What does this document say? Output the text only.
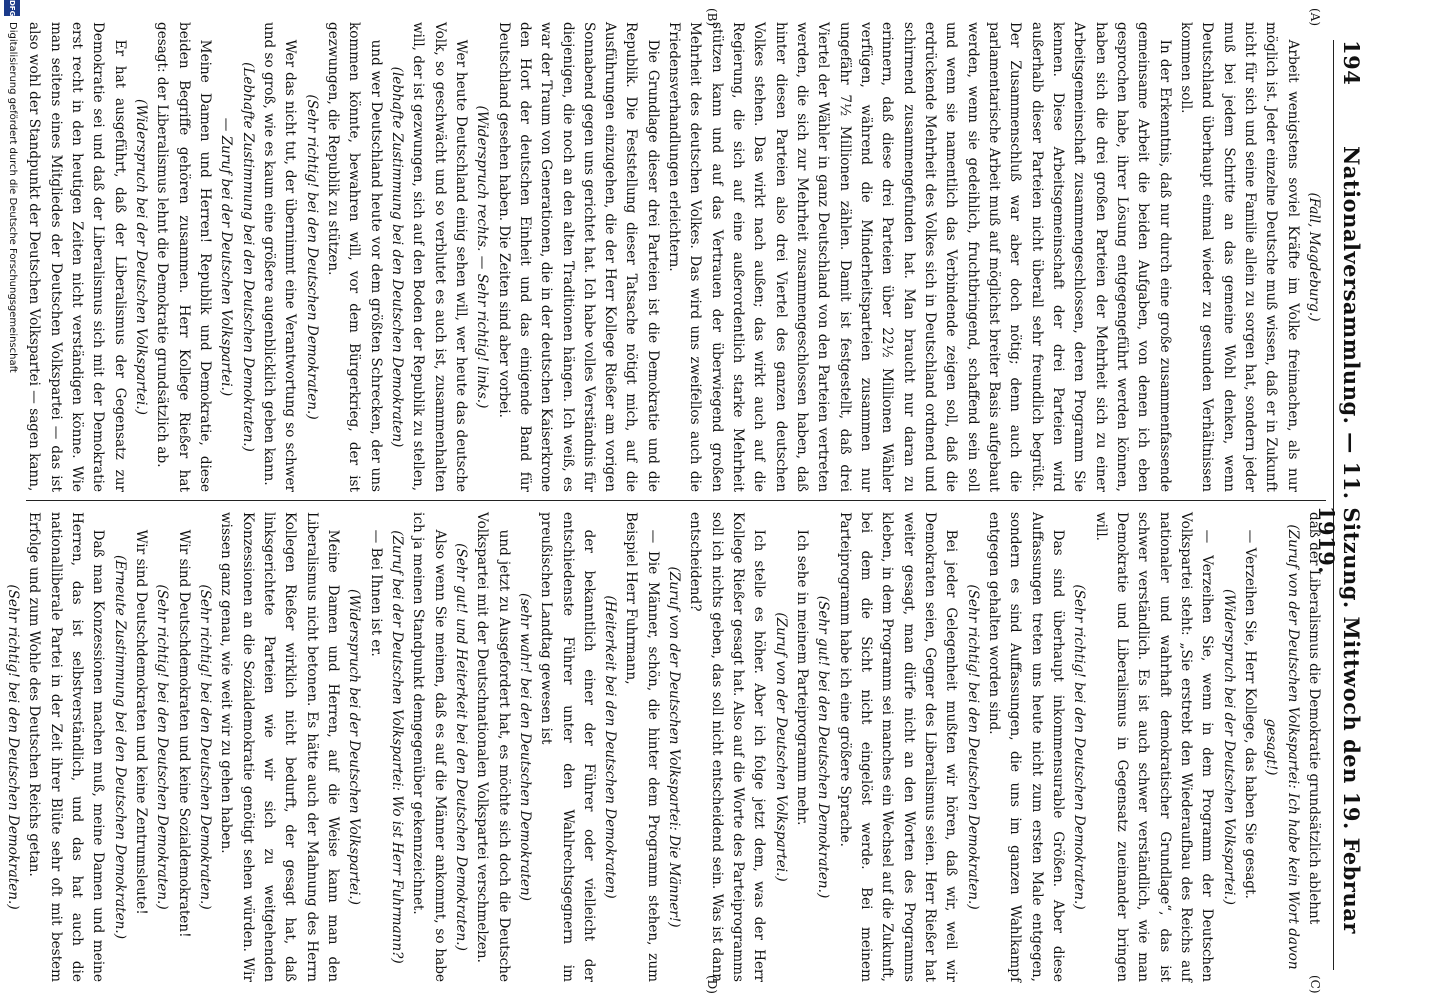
194
Nationalversammlung. — 11. Sitzung. Mittwoch den 19. Februar 1919.
(A)
(B)
(C)
(D)

(Fall, Magdeburg.)

Arbeit wenigstens soviel Kräfte im Volke freimachen, als nur möglich ist. Jeder einzelne Deutsche muß wissen, daß er in Zukunft nicht für sich und seine Familie allein zu sorgen hat, sondern jeder muß bei jedem Schritte an das gemeine Wohl denken, wenn Deutschland überhaupt einmal wieder zu gesunden Verhältnissen kommen soll.

In der Erkenntnis, daß nur durch eine große zusammenfassende gemeinsame Arbeit die beiden Aufgaben, von denen ich eben gesprochen habe, ihrer Lösung entgegengeführt werden können, haben sich die drei großen Parteien der Mehrheit sich zu einer Arbeitsgemeinschaft zusammengeschlossen, deren Programm Sie kennen. Diese Arbeitsgemeinschaft der drei Parteien wird außerhalb dieser Parteien nicht überall sehr freundlich begrüßt. Der Zusammenschluß war aber doch nötig; denn auch die parlamentarische Arbeit muß auf möglichst breiter Basis aufgebaut werden, wenn sie gedeihlich, fruchtbringend, schaffend sein soll und wenn sie namentlich das Verbindende zeigen soll, daß die erdrückende Mehrheit des Volkes sich in Deutschland ordnend und schirmend zusammengefunden hat. Man braucht nur daran zu erinnern, daß diese drei Parteien über 22½ Millionen Wähler verfügen, während die Minderheitsparteien zusammen nur ungefähr 7½ Millionen zählen. Damit ist festgestellt, daß drei Viertel der Wähler in ganz Deutschland von den Parteien vertreten werden, die sich zur Mehrheit zusammengeschlossen haben, daß hinter diesen Parteien also drei Viertel des ganzen deutschen Volkes stehen. Das wirkt nach außen; das wirkt auch auf die Regierung, die sich auf eine außerordentlich starke Mehrheit stützen kann und auf das Vertrauen der überwiegend großen Mehrheit des deutschen Volkes. Das wird uns zweifellos auch die Friedensverhandlungen erleichtern.

Die Grundlage dieser drei Parteien ist die Demokratie und die Republik. Die Feststellung dieser Tatsache nötigt mich, auf die Ausführungen einzugehen, die der Herr Kollege Rießer am vorigen Sonnabend gegen uns gerichtet hat. Ich habe volles Verständnis für diejenigen, die noch an den alten Traditionen hängen. Ich weiß, es war der Traum von Generationen, die in der deutschen Kaiserkrone den Hort der deutschen Einheit und das einigende Band für Deutschland gesehen haben. Die Zeiten sind aber vorbei.

(Widerspruch rechts. — Sehr richtig! links.)

Wer heute Deutschland einig sehen will, wer heute das deutsche Volk, so geschwächt und so verblutet es auch ist, zusammenhalten will, der ist gezwungen, sich auf den Boden der Republik zu stellen,

(lebhafte Zustimmung bei den Deutschen Demokraten)

und wer Deutschland heute vor dem größten Schrecken, der uns kommen könnte, bewahren will, vor dem Bürgerkrieg, der ist gezwungen, die Republik zu stützen.

(Sehr richtig! bei den Deutschen Demokraten.)

Wer das nicht tut, der übernimmt eine Verantwortung so schwer und so groß, wie es kaum eine größere augenblicklich geben kann.

(Lebhafte Zustimmung bei den Deutschen Demokraten.)

— Zuruf bei der Deutschen Volkspartei.)

Meine Damen und Herren! Republik und Demokratie, diese beiden Begriffe gehören zusammen. Herr Kollege Rießer hat gesagt: der Liberalismus lehnt die Demokratie grundsätzlich ab.

(Widerspruch bei der Deutschen Volkspartei.)

Er hat ausgeführt, daß der Liberalismus der Gegensatz zur Demokratie sei und daß der Liberalismus sich mit der Demokratie erst recht in den heutigen Zeiten nicht verständigen könne. Wie man seitens eines Mitgliedes der Deutschen Volkspartei — das ist also wohl der Standpunkt der Deutschen Volkspartei — sagen kann,

daß der Liberalismus die Demokratie grundsätzlich ablehnt

(Zuruf von der Deutschen Volkspartei: Ich habe kein Wort davon gesagt!)

— Verzeihen Sie, Herr Kollege, das haben Sie gesagt.

(Widerspruch bei der Deutschen Volkspartei.)

— Verzeihen Sie, wenn in dem Programm der Deutschen Volkspartei steht: „Sie erstrebt den Wiederaufbau des Reichs auf nationaler und wahrhaft demokratischer Grundlage“, das ist schwer verständlich. Es ist auch schwer verständlich, wie man Demokratie und Liberalismus in Gegensatz zueinander bringen will.

(Sehr richtig! bei den Deutschen Demokraten.)

Das sind überhaupt inkommensurable Größen. Aber diese Auffassungen treten uns heute nicht zum ersten Male entgegen, sondern es sind Auffassungen, die uns im ganzen Wahlkampf entgegen gehalten worden sind.

(Sehr richtig! bei den Deutschen Demokraten.)

Bei jeder Gelegenheit mußten wir hören, daß wir, weil wir Demokraten seien, Gegner des Liberalismus seien. Herr Rießer hat weiter gesagt, man dürfe nicht an den Worten des Programms kleben, in dem Programm sei manches ein Wechsel auf die Zukunft, bei dem die Sicht nicht eingelöst werde. Bei meinem Parteiprogramm habe ich eine größere Sprache.

(Sehr gut! bei den Deutschen Demokraten.)

Ich sehe in meinem Parteiprogramm mehr.

(Zuruf von der Deutschen Volkspartei.)

Ich stelle es höher. Aber ich folge jetzt dem, was der Herr Kollege Rießer gesagt hat. Also auf die Worte des Parteiprogramms soll ich nichts geben, das soll nicht entscheidend sein. Was ist dann entscheidend?

(Zuruf von der Deutschen Volkspartei: Die Männer!)

— Die Männer, schön, die hinter dem Programm stehen, zum Beispiel Herr Fuhrmann,

(Heiterkeit bei den Deutschen Demokraten)

der bekanntlich einer der Führer oder vielleicht der entschiedenste Führer unter den Wahlrechtsgegnern im preußischen Landtag gewesen ist

(sehr wahr! bei den Deutschen Demokraten)

und jetzt zu Ausgefordert hat, es möchte sich doch die Deutsche Volkspartei mit der Deutschnationalen Volkspartei verschmelzen.

(Sehr gut! und Heiterkeit bei den Deutschen Demokraten.)

Also wenn Sie meinen, daß es auf die Männer ankommt, so habe ich ja meinen Standpunkt demgegenüber gekennzeichnet.

(Zuruf bei der Deutschen Volkspartei: Wo ist Herr Fuhrmann?)

— Bei Ihnen ist er.

(Widerspruch bei der Deutschen Volkspartei.)

Meine Damen und Herren, auf die Weise kann man den Liberalismus nicht betonen. Es hätte auch der Mahnung des Herrn Kollegen Rießer wirklich nicht bedurft, der gesagt hat, daß linksgerichtete Parteien wie wir sich zu weitgehenden Konzessionen an die Sozialdemokratie genötigt sehen würden. Wir wissen ganz genau, wie weit wir zu gehen haben.

(Sehr richtig! bei den Deutschen Demokraten.)

Wir sind Deutschdemokraten und keine Sozialdemokraten!

(Sehr richtig! bei den Deutschen Demokraten.)

Wir sind Deutschdemokraten und keine Zentrumsleute!

(Erneute Zustimmung bei den Deutschen Demokraten.)

Daß man Konzessionen machen muß, meine Damen und meine Herren, das ist selbstverständlich, und das hat auch die nationalliberale Partei in der Zeit ihrer Blüte sehr oft mit bestem Erfolge und zum Wohle des Deutschen Reichs getan.

(Sehr richtig! bei den Deutschen Demokraten.)

DFG
Digitalisierung gefördert durch die Deutsche Forschungsgemeinschaft
